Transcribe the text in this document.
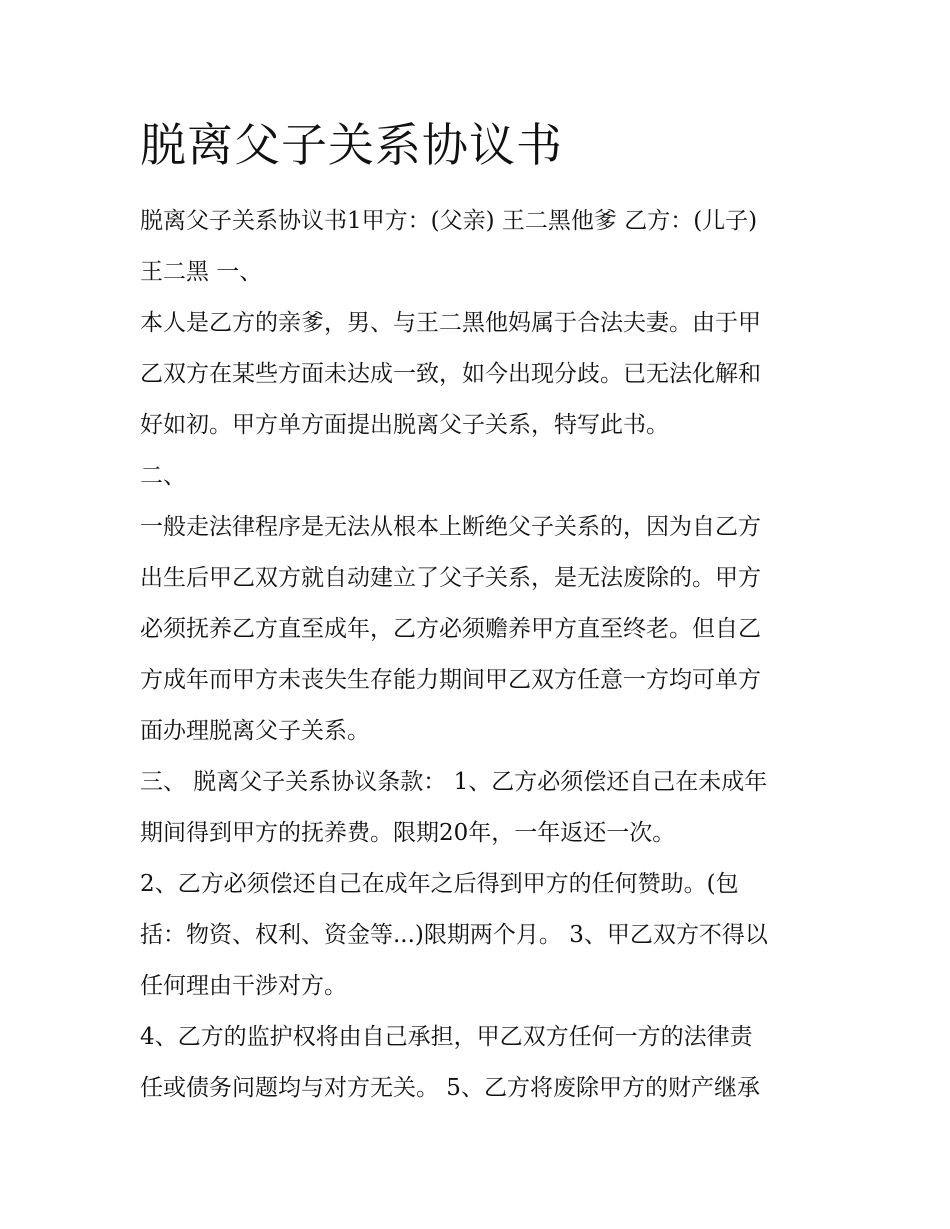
脱离父子关系协议书

脱离父子关系协议书1甲方：(父亲) 王二黑他爹 乙方：(儿子)

王二黑 一、

本人是乙方的亲爹，男、与王二黑他妈属于合法夫妻。由于甲

乙双方在某些方面未达成一致，如今出现分歧。已无法化解和

好如初。甲方单方面提出脱离父子关系，特写此书。

二、

一般走法律程序是无法从根本上断绝父子关系的，因为自乙方

出生后甲乙双方就自动建立了父子关系，是无法废除的。甲方

必须抚养乙方直至成年，乙方必须赡养甲方直至终老。但自乙

方成年而甲方未丧失生存能力期间甲乙双方任意一方均可单方

面办理脱离父子关系。

三、 脱离父子关系协议条款： 1、乙方必须偿还自己在未成年

期间得到甲方的抚养费。限期20年，一年返还一次。

2、乙方必须偿还自己在成年之后得到甲方的任何赞助。(包

括：物资、权利、资金等...)限期两个月。 3、甲乙双方不得以

任何理由干涉对方。

4、乙方的监护权将由自己承担，甲乙双方任何一方的法律责

任或债务问题均与对方无关。 5、乙方将废除甲方的财产继承
